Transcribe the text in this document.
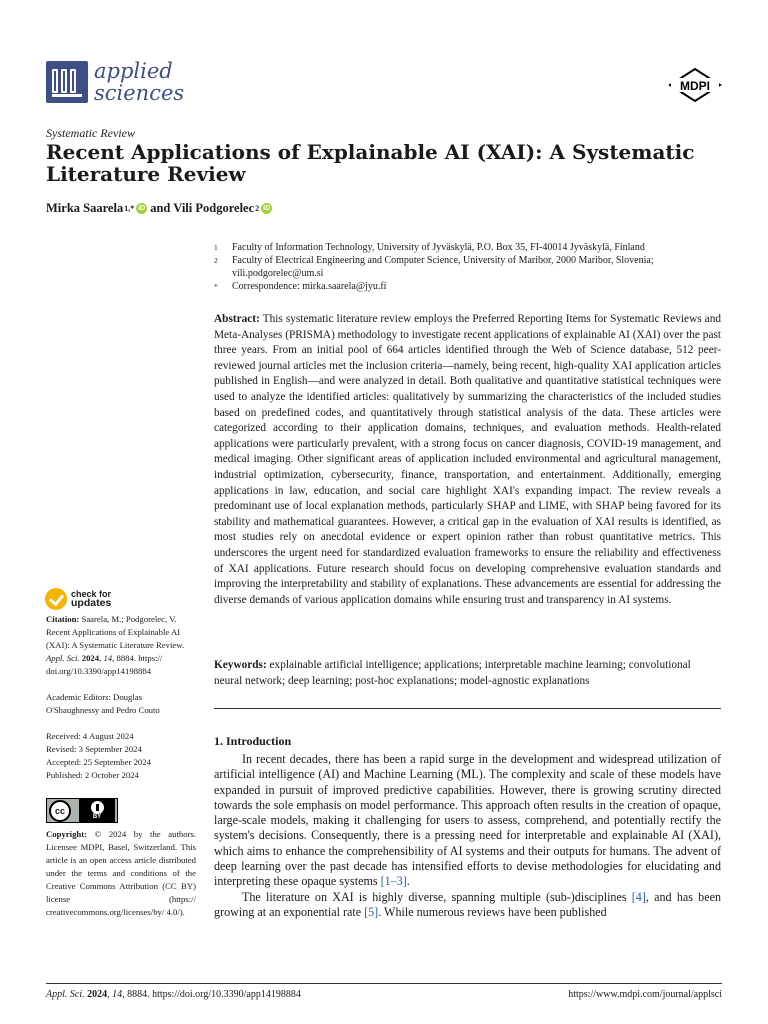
applied
sciences	MDPI
Systematic Review
Recent Applications of Explainable AI (XAI): A Systematic Literature Review
Mirka Saarela 1,* iD and Vili Podgorelec 2 iD
1	Faculty of Information Technology, University of Jyväskylä, P.O. Box 35, FI-40014 Jyväskylä, Finland
2	Faculty of Electrical Engineering and Computer Science, University of Maribor, 2000 Maribor, Slovenia; vili.podgorelec@um.si
*	Correspondence: mirka.saarela@jyu.fi
Abstract: This systematic literature review employs the Preferred Reporting Items for Systematic Reviews and Meta-Analyses (PRISMA) methodology to investigate recent applications of explainable AI (XAI) over the past three years. From an initial pool of 664 articles identified through the Web of Science database, 512 peer-reviewed journal articles met the inclusion criteria—namely, being recent, high-quality XAI application articles published in English—and were analyzed in detail. Both qualitative and quantitative statistical techniques were used to analyze the identified articles: qualitatively by summarizing the characteristics of the included studies based on predefined codes, and quantitatively through statistical analysis of the data. These articles were categorized according to their application domains, techniques, and evaluation methods. Health-related applications were particularly prevalent, with a strong focus on cancer diagnosis, COVID-19 management, and medical imaging. Other significant areas of application included environmental and agricultural management, industrial optimization, cybersecurity, finance, transportation, and entertainment. Additionally, emerging applications in law, education, and social care highlight XAI's expanding impact. The review reveals a predominant use of local explanation methods, particularly SHAP and LIME, with SHAP being favored for its stability and mathematical guarantees. However, a critical gap in the evaluation of XAI results is identified, as most studies rely on anecdotal evidence or expert opinion rather than robust quantitative metrics. This underscores the urgent need for standardized evaluation frameworks to ensure the reliability and effectiveness of XAI applications. Future research should focus on developing comprehensive evaluation standards and improving the interpretability and stability of explanations. These advancements are essential for addressing the diverse demands of various application domains while ensuring trust and transparency in AI systems.
Keywords: explainable artificial intelligence; applications; interpretable machine learning; convolutional neural network; deep learning; post-hoc explanations; model-agnostic explanations
1. Introduction

In recent decades, there has been a rapid surge in the development and widespread utilization of artificial intelligence (AI) and Machine Learning (ML). The complexity and scale of these models have expanded in pursuit of improved predictive capabilities. However, there is growing scrutiny directed towards the sole emphasis on model performance. This approach often results in the creation of opaque, large-scale models, making it challenging for users to assess, comprehend, and potentially rectify the system's decisions. Consequently, there is a pressing need for interpretable and explainable AI (XAI), which aims to enhance the comprehensibility of AI systems and their outputs for humans. The advent of deep learning over the past decade has intensified efforts to devise methodologies for elucidating and interpreting these opaque systems [1–3].

The literature on XAI is highly diverse, spanning multiple (sub-)disciplines [4], and has been growing at an exponential rate [5]. While numerous reviews have been published

check for
updates
Citation: Saarela, M.; Podgorelec, V. Recent Applications of Explainable AI (XAI): A Systematic Literature Review. Appl. Sci. 2024, 14, 8884. https:// doi.org/10.3390/app14198884
Academic Editors: Douglas O'Shaughnessy and Pedro Couto
Received: 4 August 2024
Revised: 3 September 2024
Accepted: 25 September 2024
Published: 2 October 2024
cc
BY
Copyright: © 2024 by the authors. Licensee MDPI, Basel, Switzerland. This article is an open access article distributed under the terms and conditions of the Creative Commons Attribution (CC BY) license (https:// creativecommons.org/licenses/by/ 4.0/).
Appl. Sci. 2024, 14, 8884. https://doi.org/10.3390/app14198884	https://www.mdpi.com/journal/applsci
